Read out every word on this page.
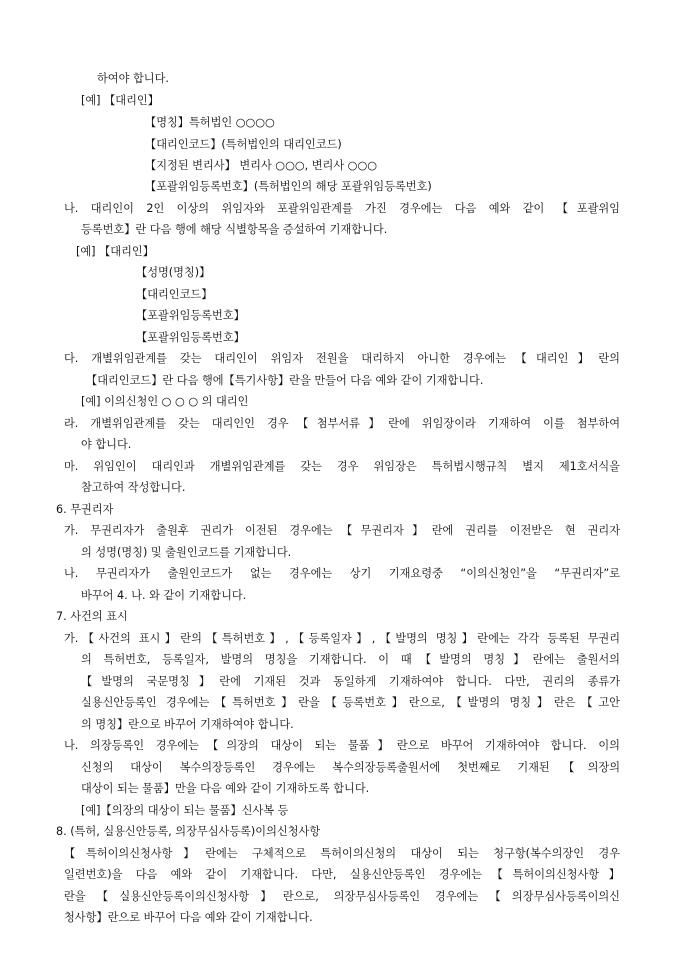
하여야 합니다.
[예] 【대리인】
【명칭】특허법인 ○○○○
【대리인코드】(특허법인의 대리인코드)
【지정된 변리사】 변리사 ○○○, 변리사 ○○○
【포괄위임등록번호】(특허법인의 해당 포괄위임등록번호)
나. 대리인이 2인 이상의 위임자와 포괄위임관계를 가진 경우에는 다음 예와 같이 【포괄위임
등록번호】란 다음 행에 해당 식별항목을 증설하여 기재합니다.
[예] 【대리인】
【성명(명칭)】
【대리인코드】
【포괄위임등록번호】
【포괄위임등록번호】
다. 개별위임관계를 갖는 대리인이 위임자 전원을 대리하지 아니한 경우에는【대리인】란의
【대리인코드】란 다음 행에【특기사항】란을 만들어 다음 예와 같이 기재합니다.
[예] 이의신청인 ○ ○ ○ 의 대리인
라. 개별위임관계를 갖는 대리인인 경우【첨부서류】란에 위임장이라 기재하여 이를 첨부하여
야 합니다.
마. 위임인이 대리인과 개별위임관계를 갖는 경우 위임장은 특허법시행규칙 별지 제1호서식을
참고하여 작성합니다.
6. 무권리자
가. 무권리자가 출원후 권리가 이전된 경우에는【무권리자】란에 권리를 이전받은 현 권리자
의 성명(명칭) 및 출원인코드를 기재합니다.
나. 무권리자가 출원인코드가 없는 경우에는 상기 기재요령중 “이의신청인”을 “무권리자”로
바꾸어 4. 나. 와 같이 기재합니다.
7. 사건의 표시
가.【사건의 표시】란의【특허번호】,【등록일자】,【발명의 명칭】란에는 각각 등록된 무권리
의 특허번호, 등록일자, 발명의 명칭을 기재합니다. 이 때【발명의 명칭】란에는 출원서의
【발명의 국문명칭】란에 기재된 것과 동일하게 기재하여야 합니다. 다만, 권리의 종류가
실용신안등록인 경우에는【특허번호】란을【등록번호】란으로,【발명의 명칭】란은【고안
의 명칭】란으로 바꾸어 기재하여야 합니다.
나. 의장등록인 경우에는【의장의 대상이 되는 물품】란으로 바꾸어 기재하여야 합니다. 이의
신청의 대상이 복수의장등록인 경우에는 복수의장등록출원서에 첫번째로 기재된【의장의
대상이 되는 물품】만을 다음 예와 같이 기재하도록 합니다.
[예]【의장의 대상이 되는 물품】신사복 등
8. (특허, 실용신안등록, 의장무심사등록)이의신청사항
【특허이의신청사항】란에는 구체적으로 특허이의신청의 대상이 되는 청구항(복수의장인 경우
일련번호)을 다음 예와 같이 기재합니다. 다만, 실용신안등록인 경우에는【특허이의신청사항】
란을【실용신안등록이의신청사항】란으로, 의장무심사등록인 경우에는【의장무심사등록이의신
청사항】란으로 바꾸어 다음 예와 같이 기재합니다.
